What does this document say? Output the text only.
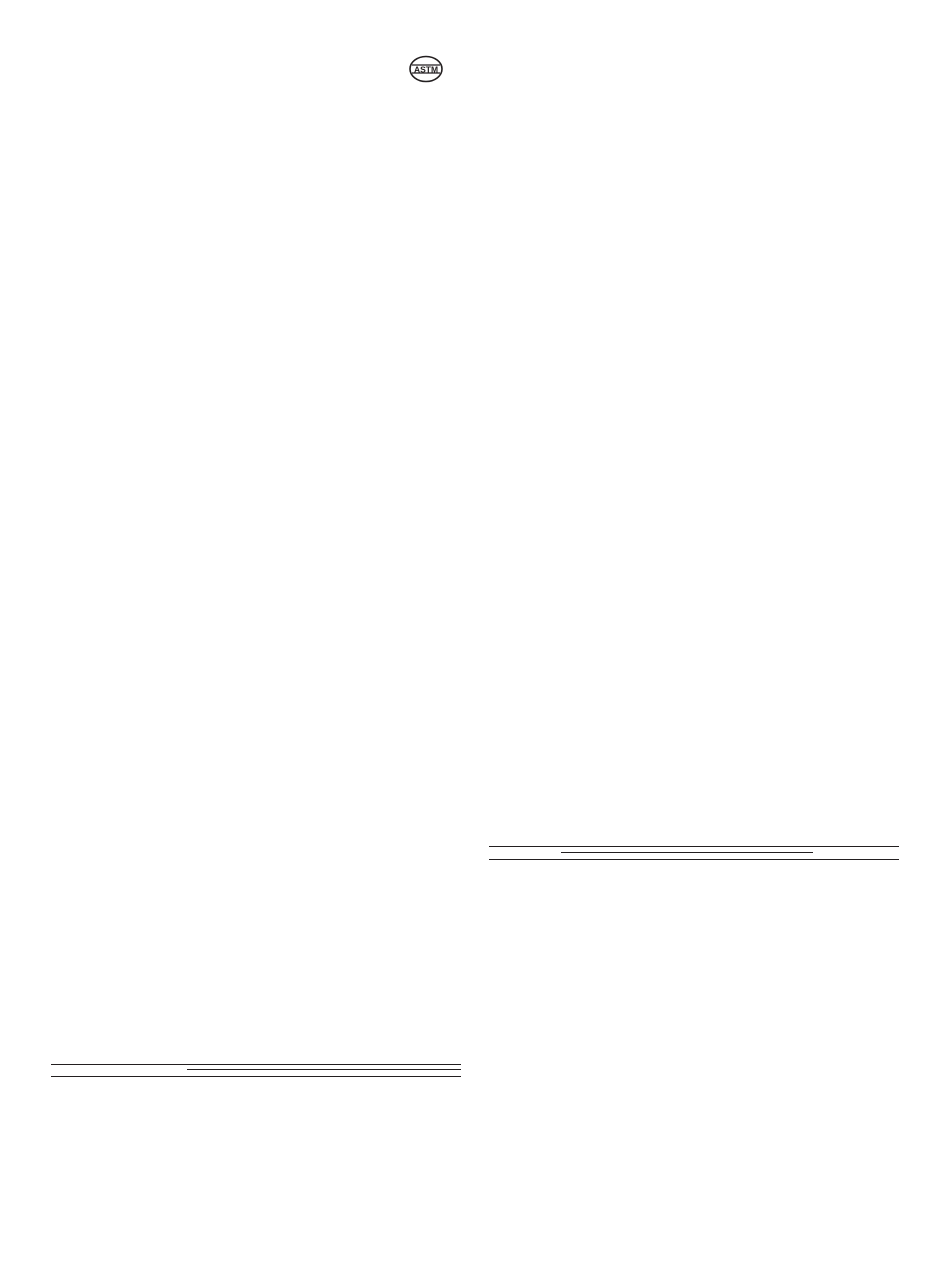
ASTM
